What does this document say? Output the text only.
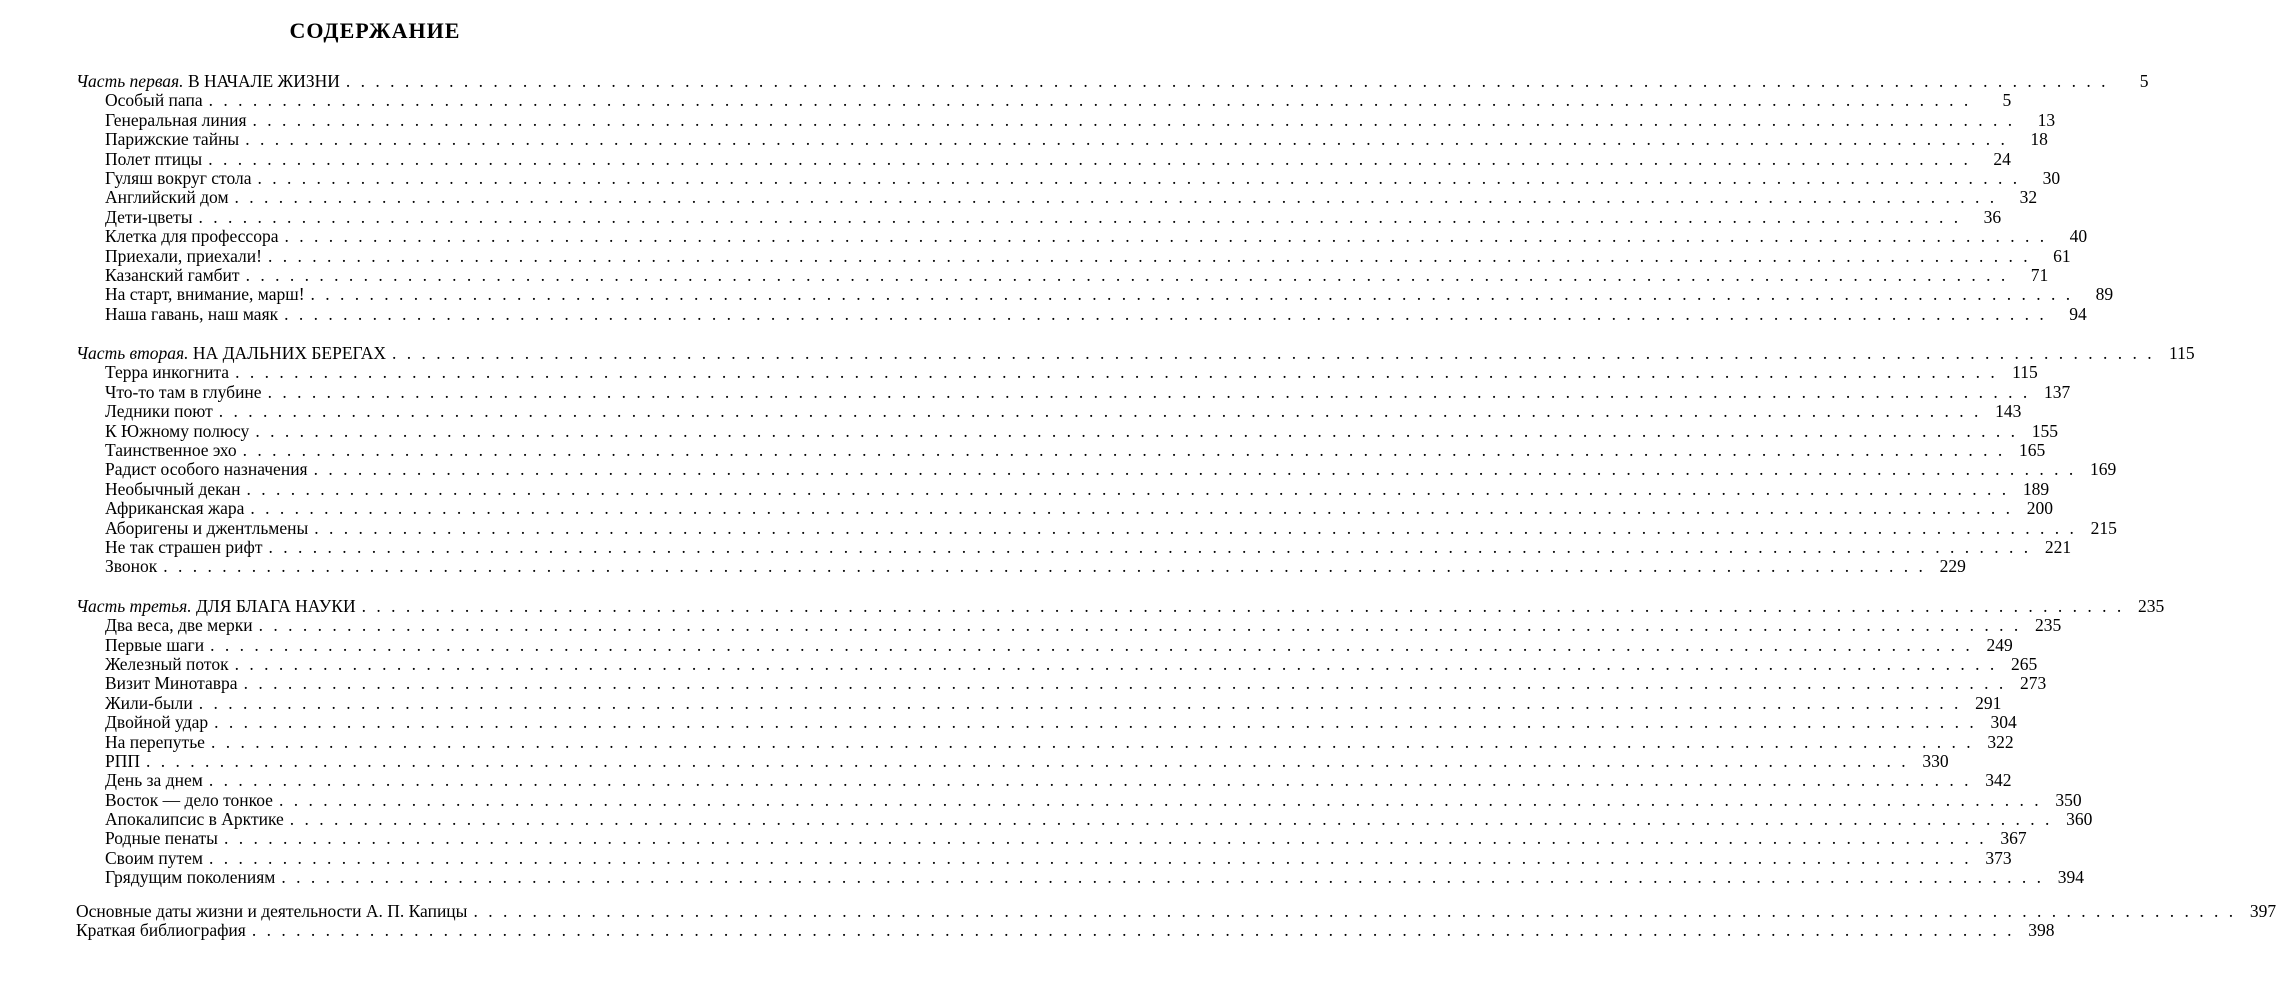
СОДЕРЖАНИЕ
Часть первая. В НАЧАЛЕ ЖИЗНИ . . . . . . . . . . . . . . . . . . . . . . . . . . . . . . . . . . . . . . . . . . . . . . . . . . . . . . . . . . . . . . . . . . . . . . . . . . . . . . . . . . . . . . . . . . . . . . . . . . . . . . . . . . . . . . . . . . . . . . . .	5
Особый папа . . . . . . . . . . . . . . . . . . . . . . . . . . . . . . . . . . . . . . . . . . . . . . . . . . . . . . . . . . . . . . . . . . . . . . . . . . . . . . . . . . . . . . . . . . . . . . . . . . . . . . . . . . . . . . . . . . . . . . . .	5
Генеральная линия . . . . . . . . . . . . . . . . . . . . . . . . . . . . . . . . . . . . . . . . . . . . . . . . . . . . . . . . . . . . . . . . . . . . . . . . . . . . . . . . . . . . . . . . . . . . . . . . . . . . . . . . . . . . . . . . . . . . . . . .	13
Парижские тайны . . . . . . . . . . . . . . . . . . . . . . . . . . . . . . . . . . . . . . . . . . . . . . . . . . . . . . . . . . . . . . . . . . . . . . . . . . . . . . . . . . . . . . . . . . . . . . . . . . . . . . . . . . . . . . . . . . . . . . . .	18
Полет птицы . . . . . . . . . . . . . . . . . . . . . . . . . . . . . . . . . . . . . . . . . . . . . . . . . . . . . . . . . . . . . . . . . . . . . . . . . . . . . . . . . . . . . . . . . . . . . . . . . . . . . . . . . . . . . . . . . . . . . . . .	24
Гуляш вокруг стола . . . . . . . . . . . . . . . . . . . . . . . . . . . . . . . . . . . . . . . . . . . . . . . . . . . . . . . . . . . . . . . . . . . . . . . . . . . . . . . . . . . . . . . . . . . . . . . . . . . . . . . . . . . . . . . . . . . . . . . .	30
Английский дом . . . . . . . . . . . . . . . . . . . . . . . . . . . . . . . . . . . . . . . . . . . . . . . . . . . . . . . . . . . . . . . . . . . . . . . . . . . . . . . . . . . . . . . . . . . . . . . . . . . . . . . . . . . . . . . . . . . . . . . .	32
Дети-цветы . . . . . . . . . . . . . . . . . . . . . . . . . . . . . . . . . . . . . . . . . . . . . . . . . . . . . . . . . . . . . . . . . . . . . . . . . . . . . . . . . . . . . . . . . . . . . . . . . . . . . . . . . . . . . . . . . . . . . . . .	36
Клетка для профессора . . . . . . . . . . . . . . . . . . . . . . . . . . . . . . . . . . . . . . . . . . . . . . . . . . . . . . . . . . . . . . . . . . . . . . . . . . . . . . . . . . . . . . . . . . . . . . . . . . . . . . . . . . . . . . . . . . . . . . . .	40
Приехали, приехали! . . . . . . . . . . . . . . . . . . . . . . . . . . . . . . . . . . . . . . . . . . . . . . . . . . . . . . . . . . . . . . . . . . . . . . . . . . . . . . . . . . . . . . . . . . . . . . . . . . . . . . . . . . . . . . . . . . . . . . . .	61
Казанский гамбит . . . . . . . . . . . . . . . . . . . . . . . . . . . . . . . . . . . . . . . . . . . . . . . . . . . . . . . . . . . . . . . . . . . . . . . . . . . . . . . . . . . . . . . . . . . . . . . . . . . . . . . . . . . . . . . . . . . . . . . .	71
На старт, внимание, марш! . . . . . . . . . . . . . . . . . . . . . . . . . . . . . . . . . . . . . . . . . . . . . . . . . . . . . . . . . . . . . . . . . . . . . . . . . . . . . . . . . . . . . . . . . . . . . . . . . . . . . . . . . . . . . . . . . . . . . . . .	89
Наша гавань, наш маяк . . . . . . . . . . . . . . . . . . . . . . . . . . . . . . . . . . . . . . . . . . . . . . . . . . . . . . . . . . . . . . . . . . . . . . . . . . . . . . . . . . . . . . . . . . . . . . . . . . . . . . . . . . . . . . . . . . . . . . . .	94
Часть вторая. НА ДАЛЬНИХ БЕРЕГАХ . . . . . . . . . . . . . . . . . . . . . . . . . . . . . . . . . . . . . . . . . . . . . . . . . . . . . . . . . . . . . . . . . . . . . . . . . . . . . . . . . . . . . . . . . . . . . . . . . . . . . . . . . . . . . . . . . . . . . . . . 115
Терра инкогнита . . . . . . . . . . . . . . . . . . . . . . . . . . . . . . . . . . . . . . . . . . . . . . . . . . . . . . . . . . . . . . . . . . . . . . . . . . . . . . . . . . . . . . . . . . . . . . . . . . . . . . . . . . . . . . . . . . . . . . . . 115
Что-то там в глубине . . . . . . . . . . . . . . . . . . . . . . . . . . . . . . . . . . . . . . . . . . . . . . . . . . . . . . . . . . . . . . . . . . . . . . . . . . . . . . . . . . . . . . . . . . . . . . . . . . . . . . . . . . . . . . . . . . . . . . . . 137
Ледники поют . . . . . . . . . . . . . . . . . . . . . . . . . . . . . . . . . . . . . . . . . . . . . . . . . . . . . . . . . . . . . . . . . . . . . . . . . . . . . . . . . . . . . . . . . . . . . . . . . . . . . . . . . . . . . . . . . . . . . . . . 143
К Южному полюсу . . . . . . . . . . . . . . . . . . . . . . . . . . . . . . . . . . . . . . . . . . . . . . . . . . . . . . . . . . . . . . . . . . . . . . . . . . . . . . . . . . . . . . . . . . . . . . . . . . . . . . . . . . . . . . . . . . . . . . . . 155
Таинственное эхо . . . . . . . . . . . . . . . . . . . . . . . . . . . . . . . . . . . . . . . . . . . . . . . . . . . . . . . . . . . . . . . . . . . . . . . . . . . . . . . . . . . . . . . . . . . . . . . . . . . . . . . . . . . . . . . . . . . . . . . . 165
Радист особого назначения . . . . . . . . . . . . . . . . . . . . . . . . . . . . . . . . . . . . . . . . . . . . . . . . . . . . . . . . . . . . . . . . . . . . . . . . . . . . . . . . . . . . . . . . . . . . . . . . . . . . . . . . . . . . . . . . . . . . . . . . 169
Необычный декан . . . . . . . . . . . . . . . . . . . . . . . . . . . . . . . . . . . . . . . . . . . . . . . . . . . . . . . . . . . . . . . . . . . . . . . . . . . . . . . . . . . . . . . . . . . . . . . . . . . . . . . . . . . . . . . . . . . . . . . . 189
Африканская жара . . . . . . . . . . . . . . . . . . . . . . . . . . . . . . . . . . . . . . . . . . . . . . . . . . . . . . . . . . . . . . . . . . . . . . . . . . . . . . . . . . . . . . . . . . . . . . . . . . . . . . . . . . . . . . . . . . . . . . . . 200
Аборигены и джентльмены . . . . . . . . . . . . . . . . . . . . . . . . . . . . . . . . . . . . . . . . . . . . . . . . . . . . . . . . . . . . . . . . . . . . . . . . . . . . . . . . . . . . . . . . . . . . . . . . . . . . . . . . . . . . . . . . . . . . . . . . 215
Не так страшен рифт . . . . . . . . . . . . . . . . . . . . . . . . . . . . . . . . . . . . . . . . . . . . . . . . . . . . . . . . . . . . . . . . . . . . . . . . . . . . . . . . . . . . . . . . . . . . . . . . . . . . . . . . . . . . . . . . . . . . . . . . 221
Звонок . . . . . . . . . . . . . . . . . . . . . . . . . . . . . . . . . . . . . . . . . . . . . . . . . . . . . . . . . . . . . . . . . . . . . . . . . . . . . . . . . . . . . . . . . . . . . . . . . . . . . . . . . . . . . . . . . . . . . . . . 229
Часть третья. ДЛЯ БЛАГА НАУКИ . . . . . . . . . . . . . . . . . . . . . . . . . . . . . . . . . . . . . . . . . . . . . . . . . . . . . . . . . . . . . . . . . . . . . . . . . . . . . . . . . . . . . . . . . . . . . . . . . . . . . . . . . . . . . . . . . . . . . . . . 235
Два веса, две мерки . . . . . . . . . . . . . . . . . . . . . . . . . . . . . . . . . . . . . . . . . . . . . . . . . . . . . . . . . . . . . . . . . . . . . . . . . . . . . . . . . . . . . . . . . . . . . . . . . . . . . . . . . . . . . . . . . . . . . . . . 235
Первые шаги . . . . . . . . . . . . . . . . . . . . . . . . . . . . . . . . . . . . . . . . . . . . . . . . . . . . . . . . . . . . . . . . . . . . . . . . . . . . . . . . . . . . . . . . . . . . . . . . . . . . . . . . . . . . . . . . . . . . . . . . 249
Железный поток . . . . . . . . . . . . . . . . . . . . . . . . . . . . . . . . . . . . . . . . . . . . . . . . . . . . . . . . . . . . . . . . . . . . . . . . . . . . . . . . . . . . . . . . . . . . . . . . . . . . . . . . . . . . . . . . . . . . . . . . 265
Визит Минотавра . . . . . . . . . . . . . . . . . . . . . . . . . . . . . . . . . . . . . . . . . . . . . . . . . . . . . . . . . . . . . . . . . . . . . . . . . . . . . . . . . . . . . . . . . . . . . . . . . . . . . . . . . . . . . . . . . . . . . . . . 273
Жили-были . . . . . . . . . . . . . . . . . . . . . . . . . . . . . . . . . . . . . . . . . . . . . . . . . . . . . . . . . . . . . . . . . . . . . . . . . . . . . . . . . . . . . . . . . . . . . . . . . . . . . . . . . . . . . . . . . . . . . . . . 291
Двойной удар . . . . . . . . . . . . . . . . . . . . . . . . . . . . . . . . . . . . . . . . . . . . . . . . . . . . . . . . . . . . . . . . . . . . . . . . . . . . . . . . . . . . . . . . . . . . . . . . . . . . . . . . . . . . . . . . . . . . . . . . 304
На перепутье . . . . . . . . . . . . . . . . . . . . . . . . . . . . . . . . . . . . . . . . . . . . . . . . . . . . . . . . . . . . . . . . . . . . . . . . . . . . . . . . . . . . . . . . . . . . . . . . . . . . . . . . . . . . . . . . . . . . . . . . 322
РПП . . . . . . . . . . . . . . . . . . . . . . . . . . . . . . . . . . . . . . . . . . . . . . . . . . . . . . . . . . . . . . . . . . . . . . . . . . . . . . . . . . . . . . . . . . . . . . . . . . . . . . . . . . . . . . . . . . . . . . . . 330
День за днем . . . . . . . . . . . . . . . . . . . . . . . . . . . . . . . . . . . . . . . . . . . . . . . . . . . . . . . . . . . . . . . . . . . . . . . . . . . . . . . . . . . . . . . . . . . . . . . . . . . . . . . . . . . . . . . . . . . . . . . . 342
Восток — дело тонкое . . . . . . . . . . . . . . . . . . . . . . . . . . . . . . . . . . . . . . . . . . . . . . . . . . . . . . . . . . . . . . . . . . . . . . . . . . . . . . . . . . . . . . . . . . . . . . . . . . . . . . . . . . . . . . . . . . . . . . . . 350
Апокалипсис в Арктике . . . . . . . . . . . . . . . . . . . . . . . . . . . . . . . . . . . . . . . . . . . . . . . . . . . . . . . . . . . . . . . . . . . . . . . . . . . . . . . . . . . . . . . . . . . . . . . . . . . . . . . . . . . . . . . . . . . . . . . . 360
Родные пенаты . . . . . . . . . . . . . . . . . . . . . . . . . . . . . . . . . . . . . . . . . . . . . . . . . . . . . . . . . . . . . . . . . . . . . . . . . . . . . . . . . . . . . . . . . . . . . . . . . . . . . . . . . . . . . . . . . . . . . . . . 367
Своим путем . . . . . . . . . . . . . . . . . . . . . . . . . . . . . . . . . . . . . . . . . . . . . . . . . . . . . . . . . . . . . . . . . . . . . . . . . . . . . . . . . . . . . . . . . . . . . . . . . . . . . . . . . . . . . . . . . . . . . . . . 373
Грядущим поколениям . . . . . . . . . . . . . . . . . . . . . . . . . . . . . . . . . . . . . . . . . . . . . . . . . . . . . . . . . . . . . . . . . . . . . . . . . . . . . . . . . . . . . . . . . . . . . . . . . . . . . . . . . . . . . . . . . . . . . . . . 394
Основные даты жизни и деятельности А. П. Капицы . . . . . . . . . . . . . . . . . . . . . . . . . . . . . . . . . . . . . . . . . . . . . . . . . . . . . . . . . . . . . . . . . . . . . . . . . . . . . . . . . . . . . . . . . . . . . . . . . . . . . . . . . . . . . . . . . . . . . . . . 397
Краткая библиография . . . . . . . . . . . . . . . . . . . . . . . . . . . . . . . . . . . . . . . . . . . . . . . . . . . . . . . . . . . . . . . . . . . . . . . . . . . . . . . . . . . . . . . . . . . . . . . . . . . . . . . . . . . . . . . . . . . . . . . . 398
